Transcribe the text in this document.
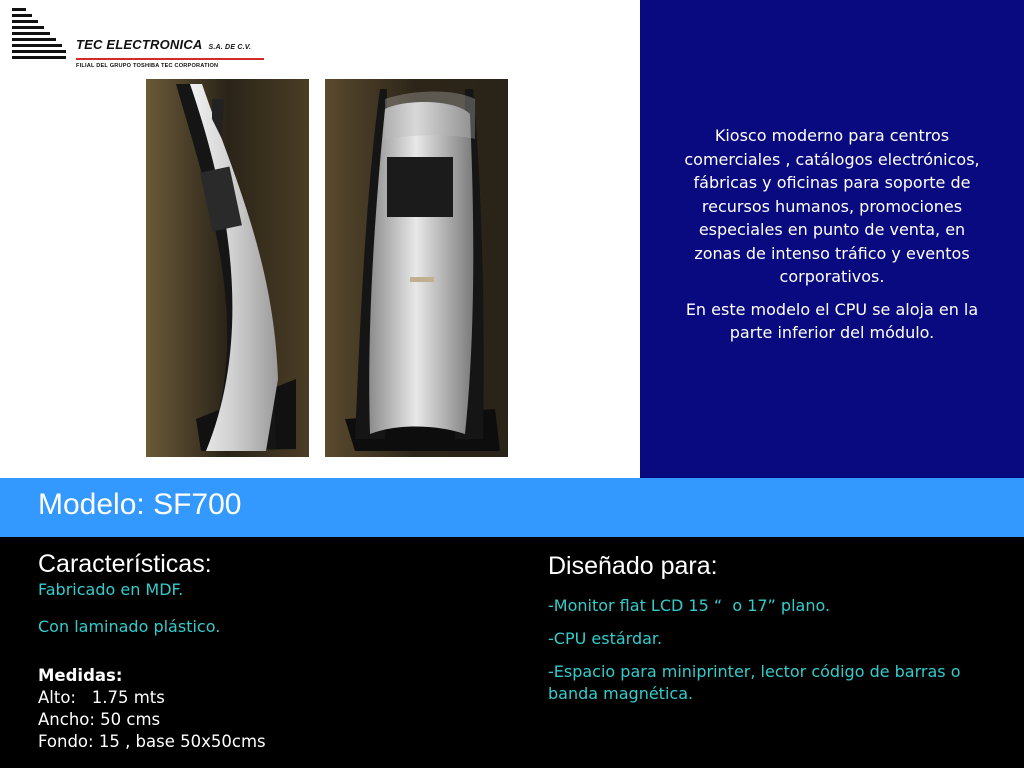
TEC ELECTRONICA S.A. DE C.V.
FILIAL DEL GRUPO TOSHIBA TEC CORPORATION

Kiosco moderno para centros comerciales , catálogos electrónicos, fábricas y oficinas para soporte de recursos humanos, promociones especiales en punto de venta, en zonas de intenso tráfico y eventos corporativos.

En este modelo el CPU se aloja en la parte inferior del módulo.

Modelo: SF700
Características:
Fabricado en MDF.
Con laminado plástico.
Medidas:
Alto:   1.75 mts
Ancho: 50 cms
Fondo: 15 , base 50x50cms
Diseñado para:
-Monitor flat LCD 15 “  o 17” plano.
-CPU estárdar.
-Espacio para miniprinter, lector código de barras o banda magnética.
